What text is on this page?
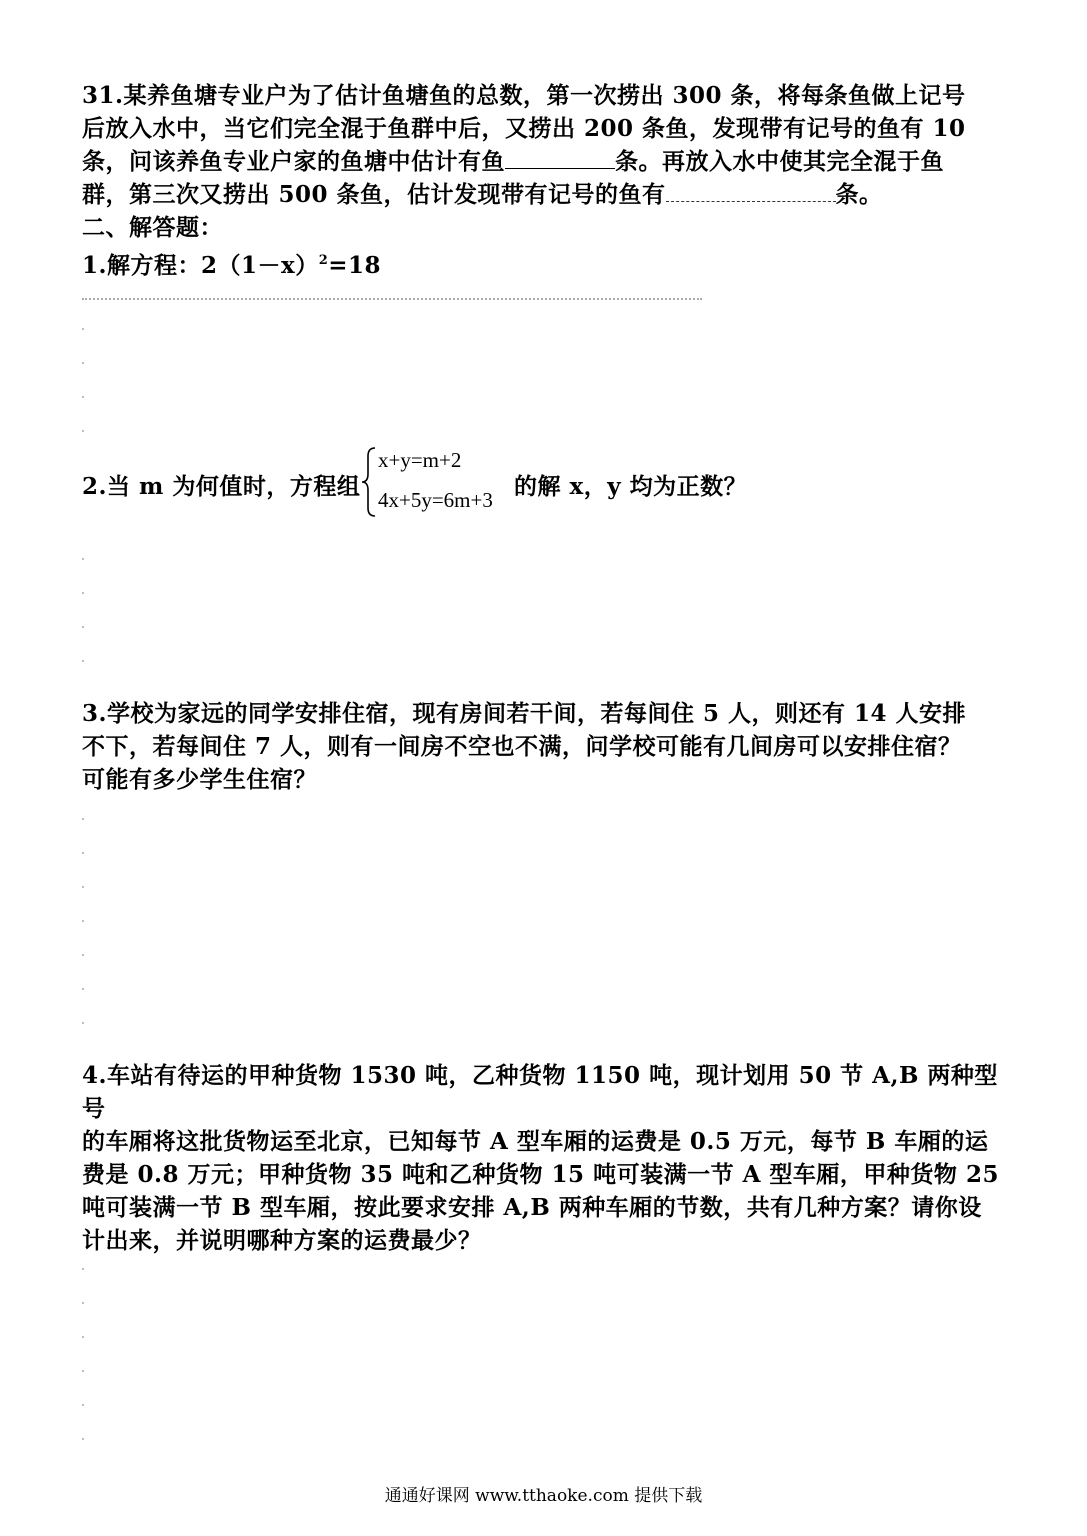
31.某养鱼塘专业户为了估计鱼塘鱼的总数，第一次捞出 300 条，将每条鱼做上记号
后放入水中，当它们完全混于鱼群中后，又捞出 200 条鱼，发现带有记号的鱼有 10
条，问该养鱼专业户家的鱼塘中估计有鱼	条。再放入水中使其完全混于鱼
群，第三次又捞出 500 条鱼，估计发现带有记号的鱼有	条。
二、解答题：
1.解方程：$2(1-x)^2=18$
2.当 m 为何值时，方程组
x+y=m+2
4x+5y=6m+3 的解 x，y 均为正数？
3.学校为家远的同学安排住宿，现有房间若干间，若每间住 5 人，则还有 14 人安排
不下，若每间住 7 人，则有一间房不空也不满，问学校可能有几间房可以安排住宿？
可能有多少学生住宿？
4.车站有待运的甲种货物 1530 吨，乙种货物 1150 吨，现计划用 50 节 A,B 两种型号
的车厢将这批货物运至北京，已知每节 A 型车厢的运费是 0.5 万元，每节 B 车厢的运
费是 0.8 万元；甲种货物 35 吨和乙种货物 15 吨可装满一节 A 型车厢，甲种货物 25
吨可装满一节 B 型车厢，按此要求安排 A,B 两种车厢的节数，共有几种方案？请你设
计出来，并说明哪种方案的运费最少？
通通好课网 www.tthaoke.com 提供下载
